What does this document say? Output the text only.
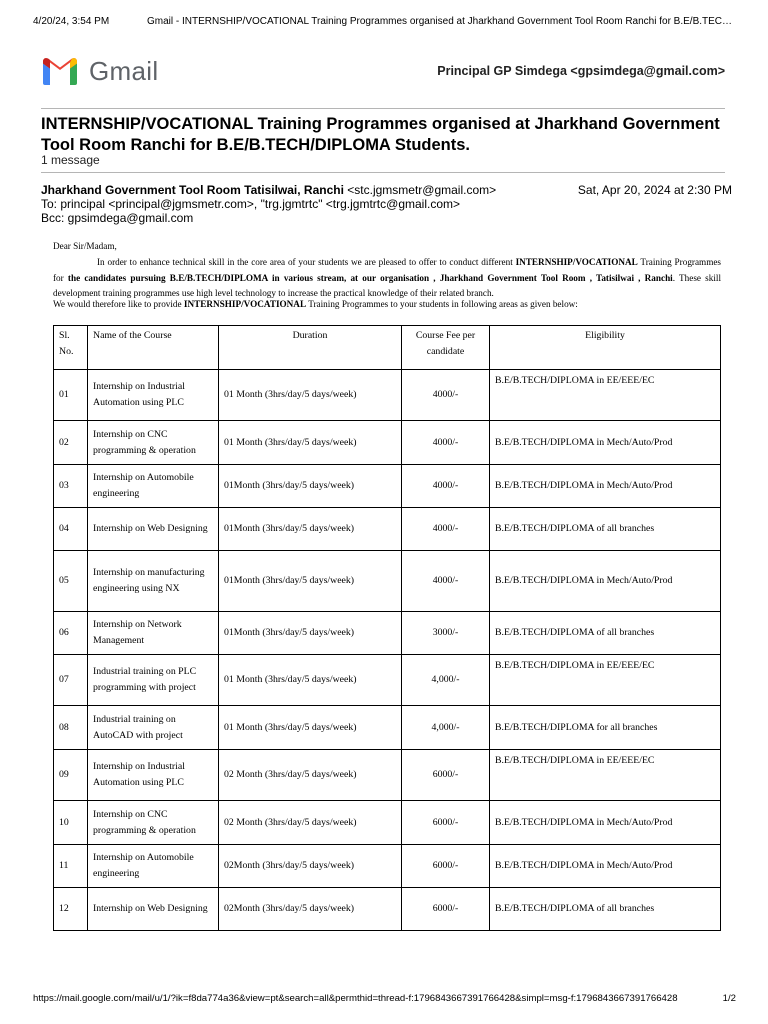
4/20/24, 3:54 PM	Gmail - INTERNSHIP/VOCATIONAL Training Programmes organised at Jharkhand Government Tool Room Ranchi for B.E/B.TEC…
Gmail	Principal GP Simdega <gpsimdega@gmail.com>
INTERNSHIP/VOCATIONAL Training Programmes organised at Jharkhand Government Tool Room Ranchi for B.E/B.TECH/DIPLOMA Students.
1 message
Jharkhand Government Tool Room Tatisilwai, Ranchi <stc.jgmsmetr@gmail.com>	Sat, Apr 20, 2024 at 2:30 PM
To: principal <principal@jgmsmetr.com>, "trg.jgmtrtc" <trg.jgmtrtc@gmail.com>
Bcc: gpsimdega@gmail.com
Dear Sir/Madam,
In order to enhance technical skill in the core area of your students we are pleased to offer to conduct different INTERNSHIP/VOCATIONAL Training Programmes for the candidates pursuing B.E/B.TECH/DIPLOMA in various stream, at our organisation , Jharkhand Government Tool Room , Tatisilwai , Ranchi. These skill development training programmes use high level technology to increase the practical knowledge of their related branch.
We would therefore like to provide INTERNSHIP/VOCATIONAL Training Programmes to your students in following areas as given below:
Sl. No.	Name of the Course	Duration	Course Fee per candidate	Eligibility
01	Internship on Industrial Automation using PLC	01 Month (3hrs/day/5 days/week)	4000/-	B.E/B.TECH/DIPLOMA in EE/EEE/EC
02	Internship on CNC programming & operation	01 Month (3hrs/day/5 days/week)	4000/-	B.E/B.TECH/DIPLOMA in Mech/Auto/Prod
03	Internship on Automobile engineering	01Month (3hrs/day/5 days/week)	4000/-	B.E/B.TECH/DIPLOMA in Mech/Auto/Prod
04	Internship on Web Designing	01Month (3hrs/day/5 days/week)	4000/-	B.E/B.TECH/DIPLOMA of all branches
05	Internship on manufacturing engineering using NX	01Month (3hrs/day/5 days/week)	4000/-	B.E/B.TECH/DIPLOMA in Mech/Auto/Prod
06	Internship on Network Management	01Month (3hrs/day/5 days/week)	3000/-	B.E/B.TECH/DIPLOMA of all branches
07	Industrial training on PLC programming with project	01 Month (3hrs/day/5 days/week)	4,000/-	B.E/B.TECH/DIPLOMA in EE/EEE/EC
08	Industrial training on AutoCAD with project	01 Month (3hrs/day/5 days/week)	4,000/-	B.E/B.TECH/DIPLOMA for all branches
09	Internship on Industrial Automation using PLC	02 Month (3hrs/day/5 days/week)	6000/-	B.E/B.TECH/DIPLOMA in EE/EEE/EC
10	Internship on CNC programming & operation	02 Month (3hrs/day/5 days/week)	6000/-	B.E/B.TECH/DIPLOMA in Mech/Auto/Prod
11	Internship on Automobile engineering	02Month (3hrs/day/5 days/week)	6000/-	B.E/B.TECH/DIPLOMA in Mech/Auto/Prod
12	Internship on Web Designing	02Month (3hrs/day/5 days/week)	6000/-	B.E/B.TECH/DIPLOMA of all branches
https://mail.google.com/mail/u/1/?ik=f8da774a36&view=pt&search=all&permthid=thread-f:1796843667391766428&simpl=msg-f:1796843667391766428	1/2
